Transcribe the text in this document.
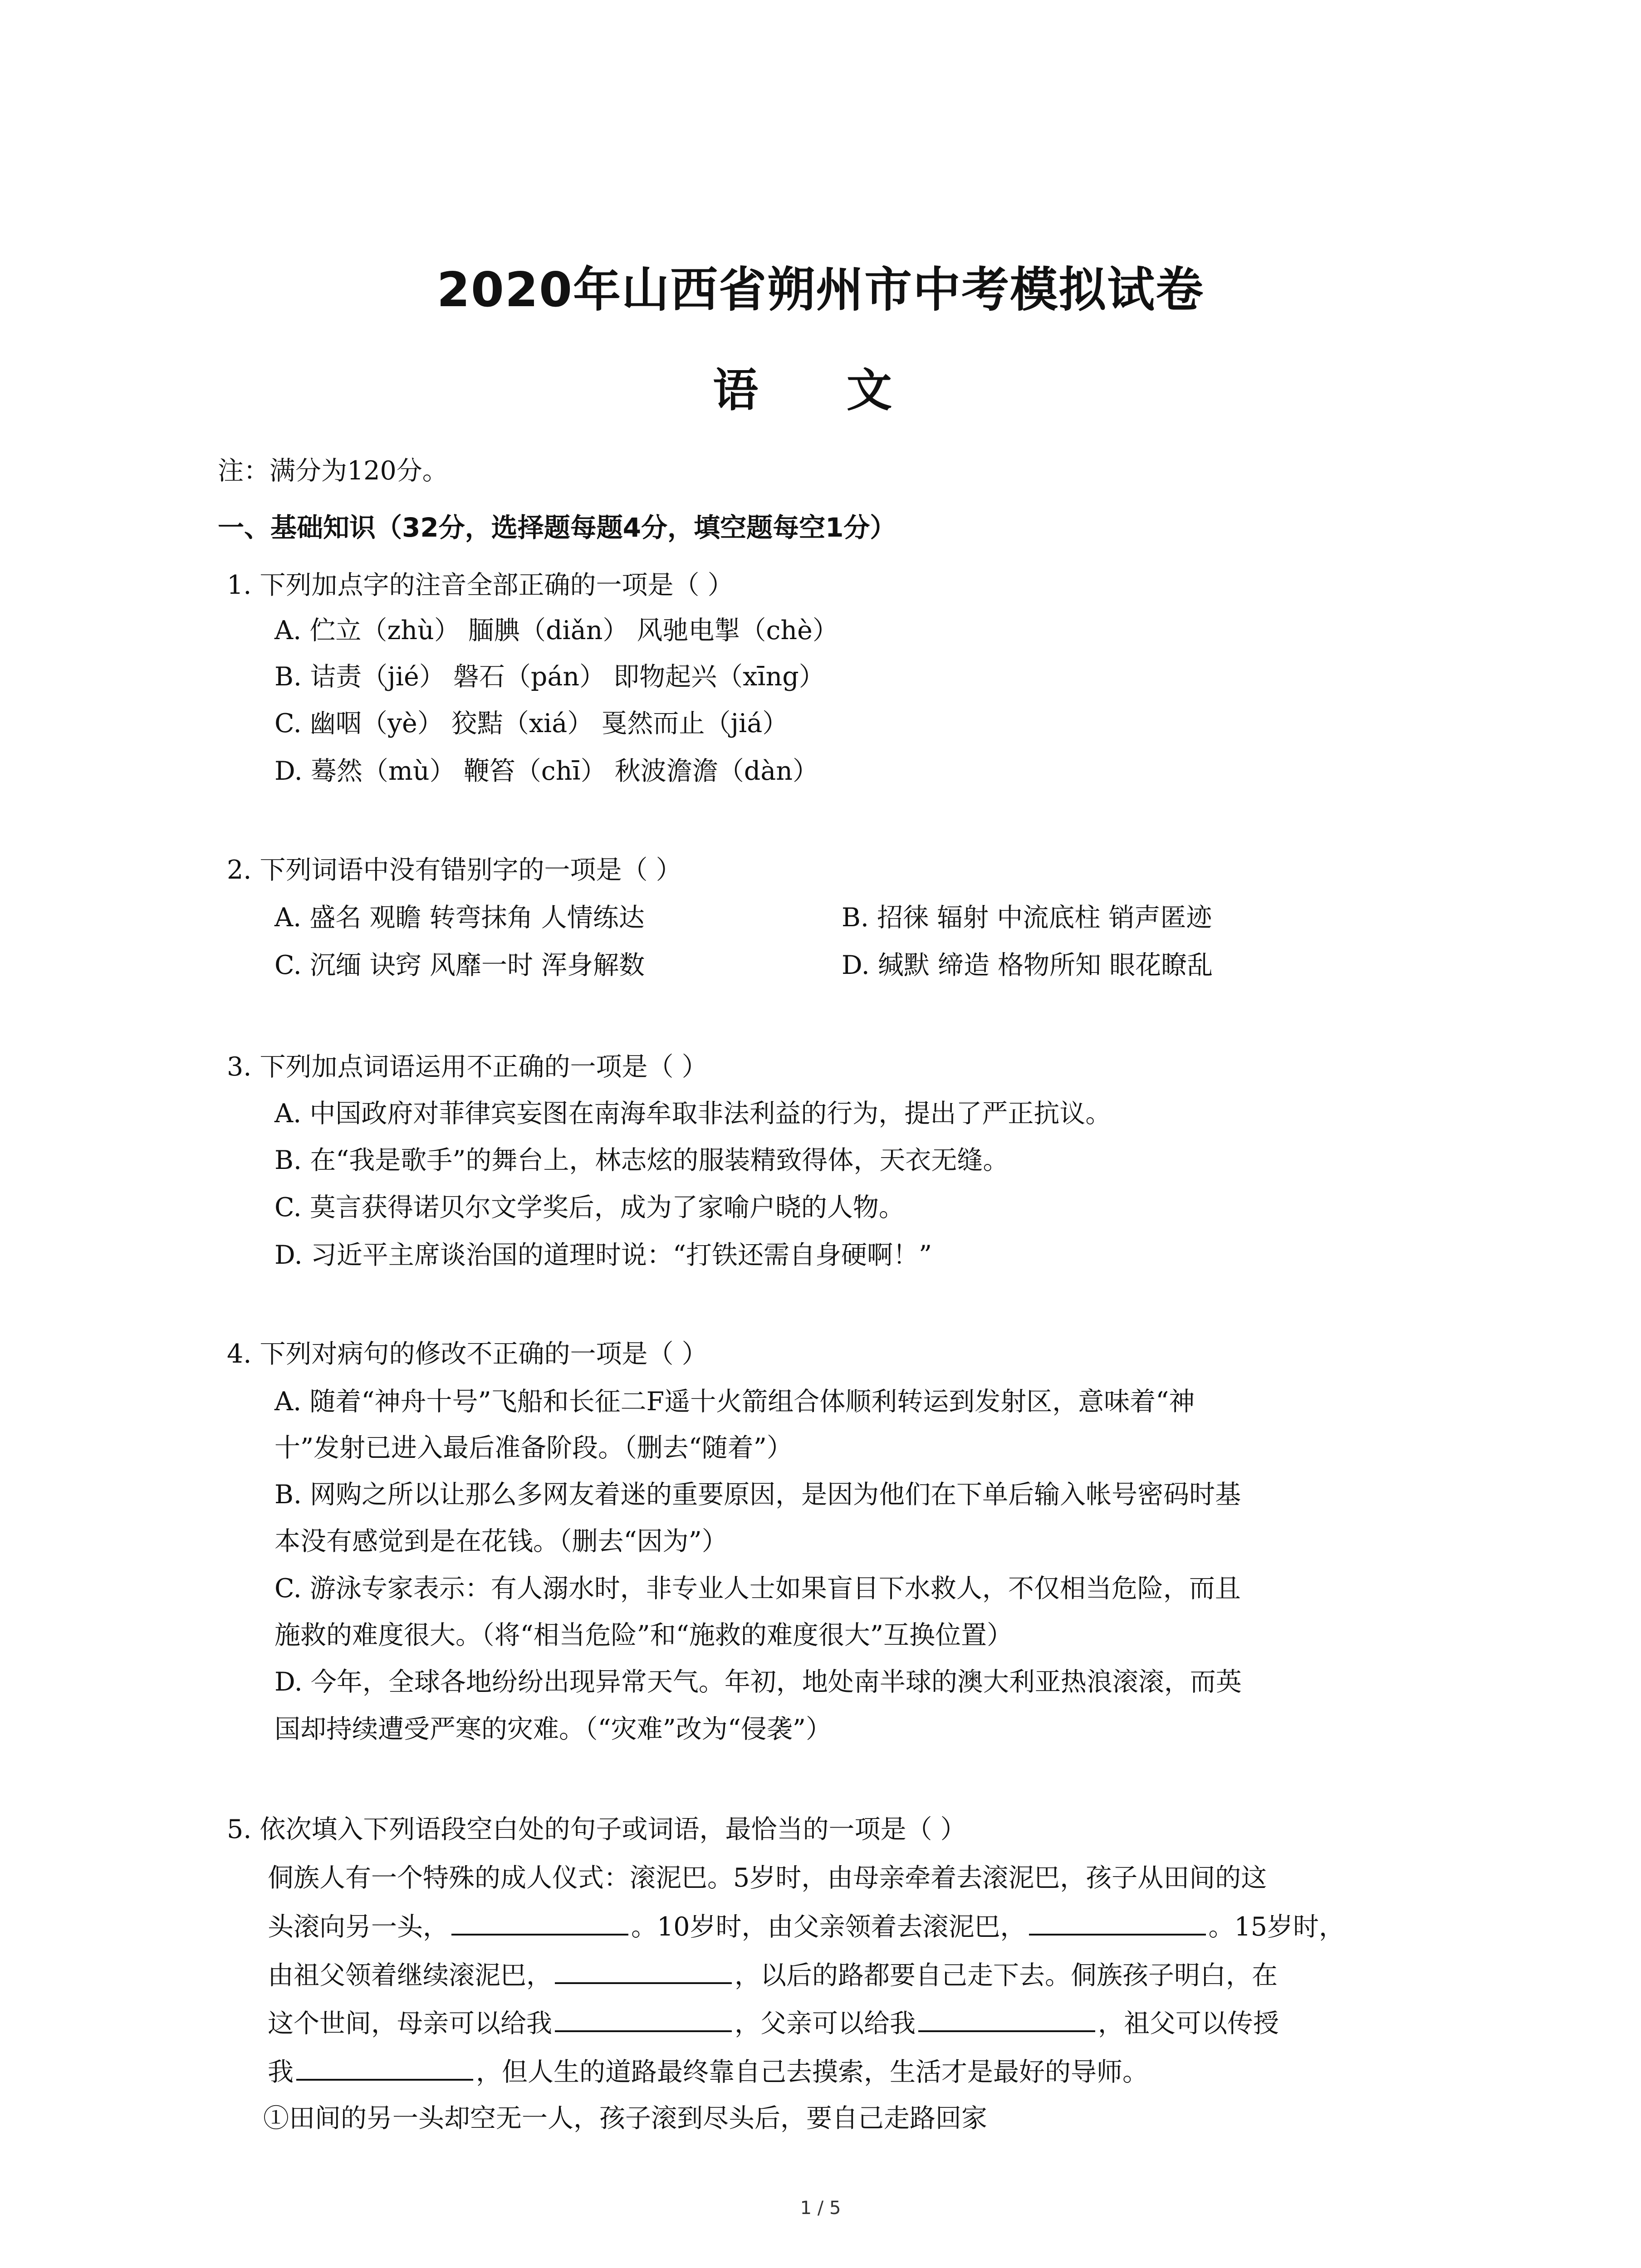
2020年山西省朔州市中考模拟试卷
语 文
注：满分为120分。
一、基础知识（32分，选择题每题4分，填空题每空1分）
1. 下列加点字的注音全部正确的一项是（ ）
A. 伫立（zhù） 腼腆（diǎn） 风驰电掣（chè）
B. 诘责（jié） 磐石（pán） 即物起兴（xīng）
C. 幽咽（yè） 狡黠（xiá） 戛然而止（jiá）
D. 蓦然（mù） 鞭笞（chī） 秋波澹澹（dàn）
2. 下列词语中没有错别字的一项是（ ）
A. 盛名 观瞻 转弯抹角 人情练达	B. 招徕 辐射 中流底柱 销声匿迹
C. 沉缅 诀窍 风靡一时 浑身解数	D. 缄默 缔造 格物所知 眼花瞭乱
3. 下列加点词语运用不正确的一项是（ ）
A. 中国政府对菲律宾妄图在南海牟取非法利益的行为，提出了严正抗议。
B. 在“我是歌手”的舞台上，林志炫的服装精致得体，天衣无缝。
C. 莫言获得诺贝尔文学奖后，成为了家喻户晓的人物。
D. 习近平主席谈治国的道理时说：“打铁还需自身硬啊！”
4. 下列对病句的修改不正确的一项是（ ）
A. 随着“神舟十号”飞船和长征二F遥十火箭组合体顺利转运到发射区，意味着“神
十”发射已进入最后准备阶段。（删去“随着”）
B. 网购之所以让那么多网友着迷的重要原因，是因为他们在下单后输入帐号密码时基
本没有感觉到是在花钱。（删去“因为”）
C. 游泳专家表示：有人溺水时，非专业人士如果盲目下水救人，不仅相当危险，而且
施救的难度很大。（将“相当危险”和“施救的难度很大”互换位置）
D. 今年，全球各地纷纷出现异常天气。年初，地处南半球的澳大利亚热浪滚滚，而英
国却持续遭受严寒的灾难。（“灾难”改为“侵袭”）
5. 依次填入下列语段空白处的句子或词语，最恰当的一项是（ ）
侗族人有一个特殊的成人仪式：滚泥巴。5岁时，由母亲牵着去滚泥巴，孩子从田间的这
头滚向另一头，	。10岁时，由父亲领着去滚泥巴，	。15岁时，
由祖父领着继续滚泥巴，	，以后的路都要自己走下去。侗族孩子明白，在
这个世间，母亲可以给我	，父亲可以给我	，祖父可以传授
我	，但人生的道路最终靠自己去摸索，生活才是最好的导师。
①田间的另一头却空无一人，孩子滚到尽头后，要自己走路回家
1 / 5
